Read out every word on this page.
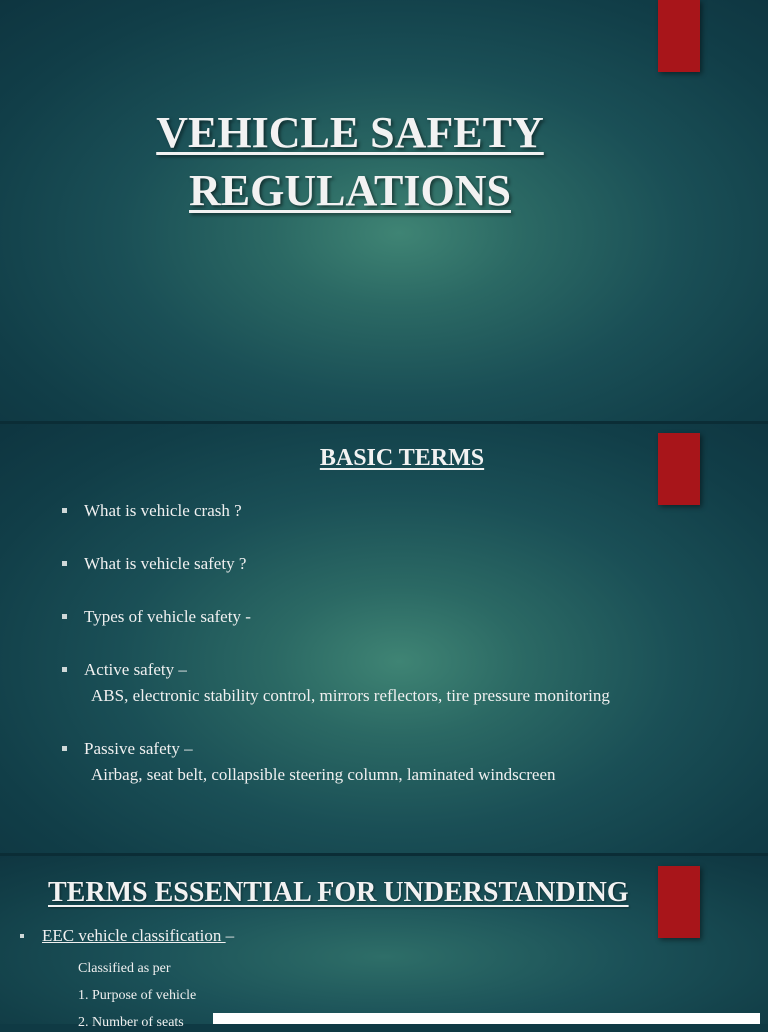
VEHICLE SAFETY
REGULATIONS
BASIC TERMS
What is vehicle crash ?
What is vehicle safety ?
Types of vehicle safety -
Active safety –
ABS, electronic stability control, mirrors reflectors, tire pressure monitoring
Passive safety –
Airbag, seat belt, collapsible steering column, laminated windscreen
TERMS ESSENTIAL FOR UNDERSTANDING
EEC vehicle classification –
Classified as per
1. Purpose of vehicle
2. Number of seats
